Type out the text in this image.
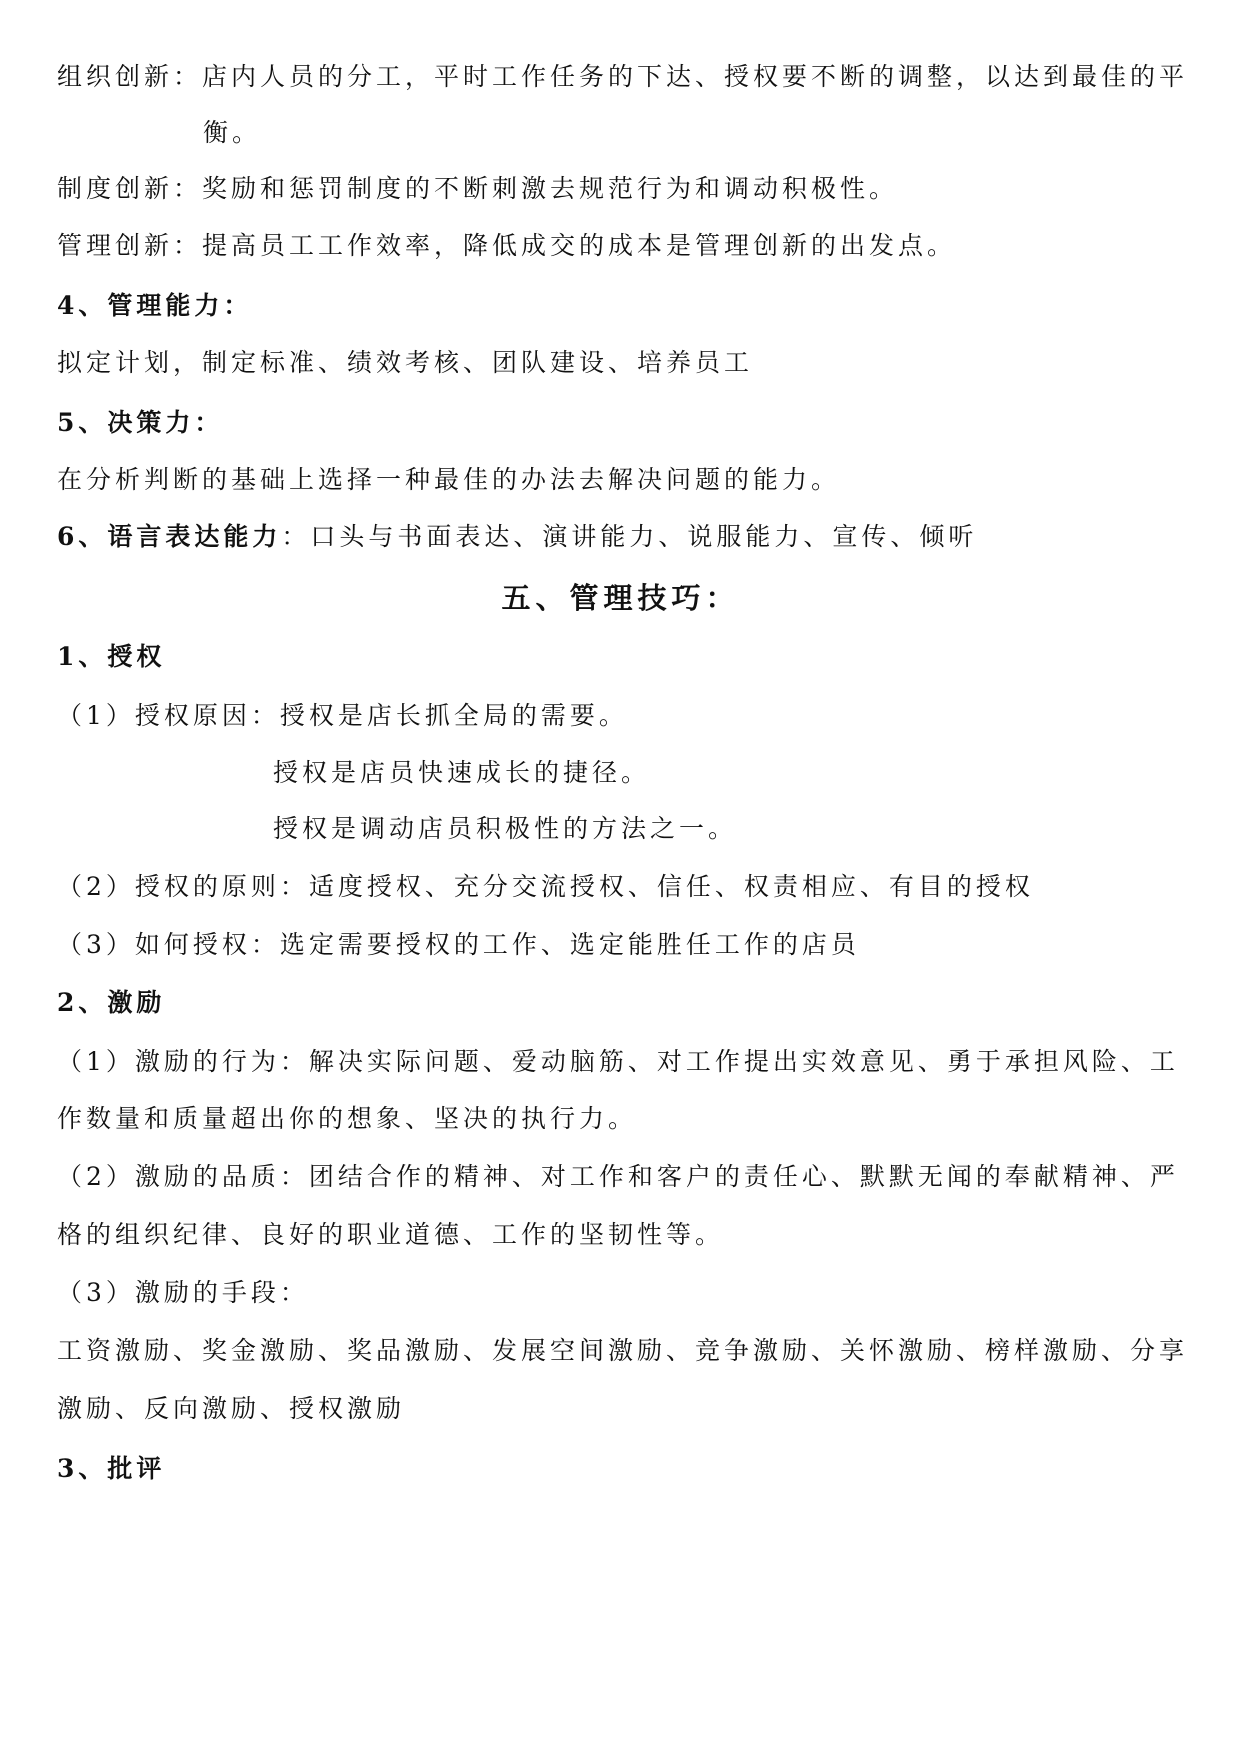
组织创新：店内人员的分工，平时工作任务的下达、授权要不断的调整，以达到最佳的平
衡。
制度创新：奖励和惩罚制度的不断刺激去规范行为和调动积极性。
管理创新：提高员工工作效率，降低成交的成本是管理创新的出发点。
4、管理能力：
拟定计划，制定标准、绩效考核、团队建设、培养员工
5、决策力：
在分析判断的基础上选择一种最佳的办法去解决问题的能力。
6、语言表达能力：口头与书面表达、演讲能力、说服能力、宣传、倾听
五、管理技巧：
1、授权
（1）授权原因：授权是店长抓全局的需要。
授权是店员快速成长的捷径。
授权是调动店员积极性的方法之一。
（2）授权的原则：适度授权、充分交流授权、信任、权责相应、有目的授权
（3）如何授权：选定需要授权的工作、选定能胜任工作的店员
2、激励
（1）激励的行为：解决实际问题、爱动脑筋、对工作提出实效意见、勇于承担风险、工
作数量和质量超出你的想象、坚决的执行力。
（2）激励的品质：团结合作的精神、对工作和客户的责任心、默默无闻的奉献精神、严
格的组织纪律、良好的职业道德、工作的坚韧性等。
（3）激励的手段：
工资激励、奖金激励、奖品激励、发展空间激励、竞争激励、关怀激励、榜样激励、分享
激励、反向激励、授权激励
3、批评
